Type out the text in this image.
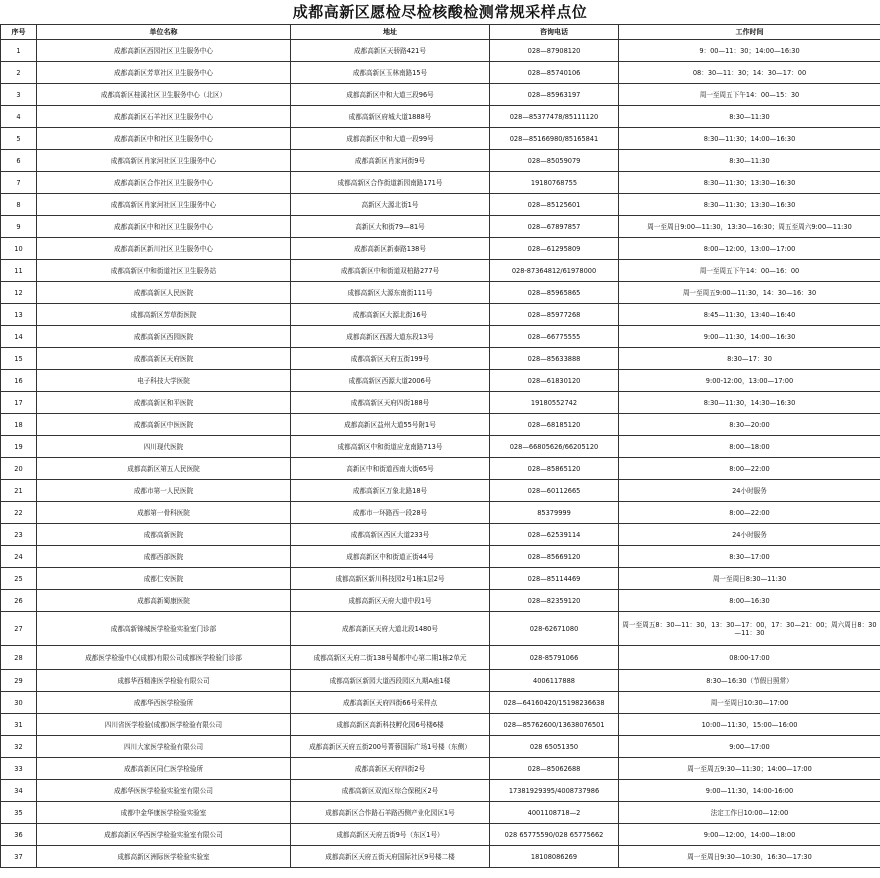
成都高新区愿检尽检核酸检测常规采样点位
序号	单位名称	地址	咨询电话	工作时间
1	成都高新区西园社区卫生服务中心	成都高新区天骄路421号	028—87908120	9：00—11：30；14:00—16:30
2	成都高新区芳草社区卫生服务中心	成都高新区玉林南路15号	028—85740106	08：30—11：30；14：30—17：00
3	成都高新区桂溪社区卫生服务中心（北区）	成都高新区中和大道三段96号	028—85963197	周一至周五下午14：00—15：30
4	成都高新区石羊社区卫生服务中心	成都高新区府城大道1888号	028—85377478/85111120	8:30—11:30
5	成都高新区中和社区卫生服务中心	成都高新区中和大道一段99号	028—85166980/85165841	8:30—11:30；14:00—16:30
6	成都高新区肖家河社区卫生服务中心	成都高新区肖家河街9号	028—85059079	8:30—11:30
7	成都高新区合作社区卫生服务中心	成都高新区合作街道新园南路171号	19180768755	8:30—11:30；13:30—16:30
8	成都高新区肖家河社区卫生服务中心	高新区大源北街1号	028—85125601	8:30—11:30；13:30—16:30
9	成都高新区中和社区卫生服务中心	高新区大和街79—81号	028—67897857	周一至周日9:00—11:30，13:30—16:30；周五至周六9:00—11:30
10	成都高新区新川社区卫生服务中心	成都高新区新泰路138号	028—61295809	8:00—12:00，13:00—17:00
11	成都高新区中和街道社区卫生服务站	成都高新区中和街道双柏路277号	028-87364812/61978000	周一至周五下午14：00—16：00
12	成都高新区人民医院	成都高新区大源东南街111号	028—85965865	周一至周五9:00—11:30，14：30—16：30
13	成都高新区芳草街医院	成都高新区大源北街16号	028—85977268	8:45—11:30，13:40—16:40
14	成都高新区西园医院	成都高新区西源大道东段13号	028—66775555	9:00—11:30，14:00—16:30
15	成都高新区天府医院	成都高新区天府五街199号	028—85633888	8:30—17：30
16	电子科技大学医院	成都高新区西源大道2006号	028—61830120	9:00-12:00，13:00—17:00
17	成都高新区和平医院	成都高新区天府四街188号	19180552742	8:30—11:30，14:30—16:30
18	成都高新区中医医院	成都高新区益州大道55号附1号	028—68185120	8:30—20:00
19	四川现代医院	成都高新区中和街道应龙南路713号	028—66805626/66205120	8:00—18:00
20	成都高新区第五人民医院	高新区中和街道西南大街65号	028—85865120	8:00—22:00
21	成都市第一人民医院	成都高新区万象北路18号	028—60112665	24小时服务
22	成都第一骨科医院	成都市一环路西一段28号	85379999	8:00—22:00
23	成都高新医院	成都高新区西区大道233号	028—62539114	24小时服务
24	成都西部医院	成都高新区中和街道正街44号	028—85669120	8:30—17:00
25	成都仁安医院	成都高新区新川科技园2号1栋1层2号	028—85114469	周一至周日8:30—11:30
26	成都高新蜀康医院	成都高新区天府大道中段1号	028—82359120	8:00—16:30
27	成都高新锦城医学检验实验室门诊部	成都高新区天府大道北段1480号	028-62671080	周一至周五8：30—11：30，13：30—17：00，17：30—21：00；周六周日8：30—11：30
28	成都医学检验中心(成都)有限公司成都医学检验门诊部	成都高新区天府二街138号蜀都中心第二期1栋2单元	028-85791066	08:00-17:00
29	成都华西精准医学检验有限公司	成都高新区新园大道西段园区九期A座1楼	4006117888	8:30—16:30（节假日照常）
30	成都华西医学检验所	成都高新区天府四街66号采样点	028—64160420/15198236638	周一至周日10:30—17:00
31	四川省医学检验(成都)医学检验有限公司	成都高新区高新科技孵化园6号楼6楼	028—85762600/13638076501	10:00—11:30，15:00—16:00
32	四川大家医学检验有限公司	成都高新区天府五街200号菁蓉国际广场1号楼（东侧）	028 65051350	9:00—17:00
33	成都高新区同仁医学检验所	成都高新区天府四街2号	028—85062688	周一至周五9:30—11:30；14:00—17:00
34	成都华医医学检验实验室有限公司	成都高新区双流区综合保税区2号	17381929395/4008737986	9:00—11:30，14:00-16:00
35	成都中金华康医学检验实验室	成都高新区合作路石羊路西侧产业化园区1号	4001108718—2	法定工作日10:00—12:00
36	成都高新区华西医学检验实验室有限公司	成都高新区天府五街9号（东区1号）	028 65775590/028 65775662	9:00—12:00，14:00—18:00
37	成都高新区洲际医学检验实验室	成都高新区天府五街天府国际社区9号楼二楼	18108086269	周一至周日9:30—10:30，16:30—17:30
